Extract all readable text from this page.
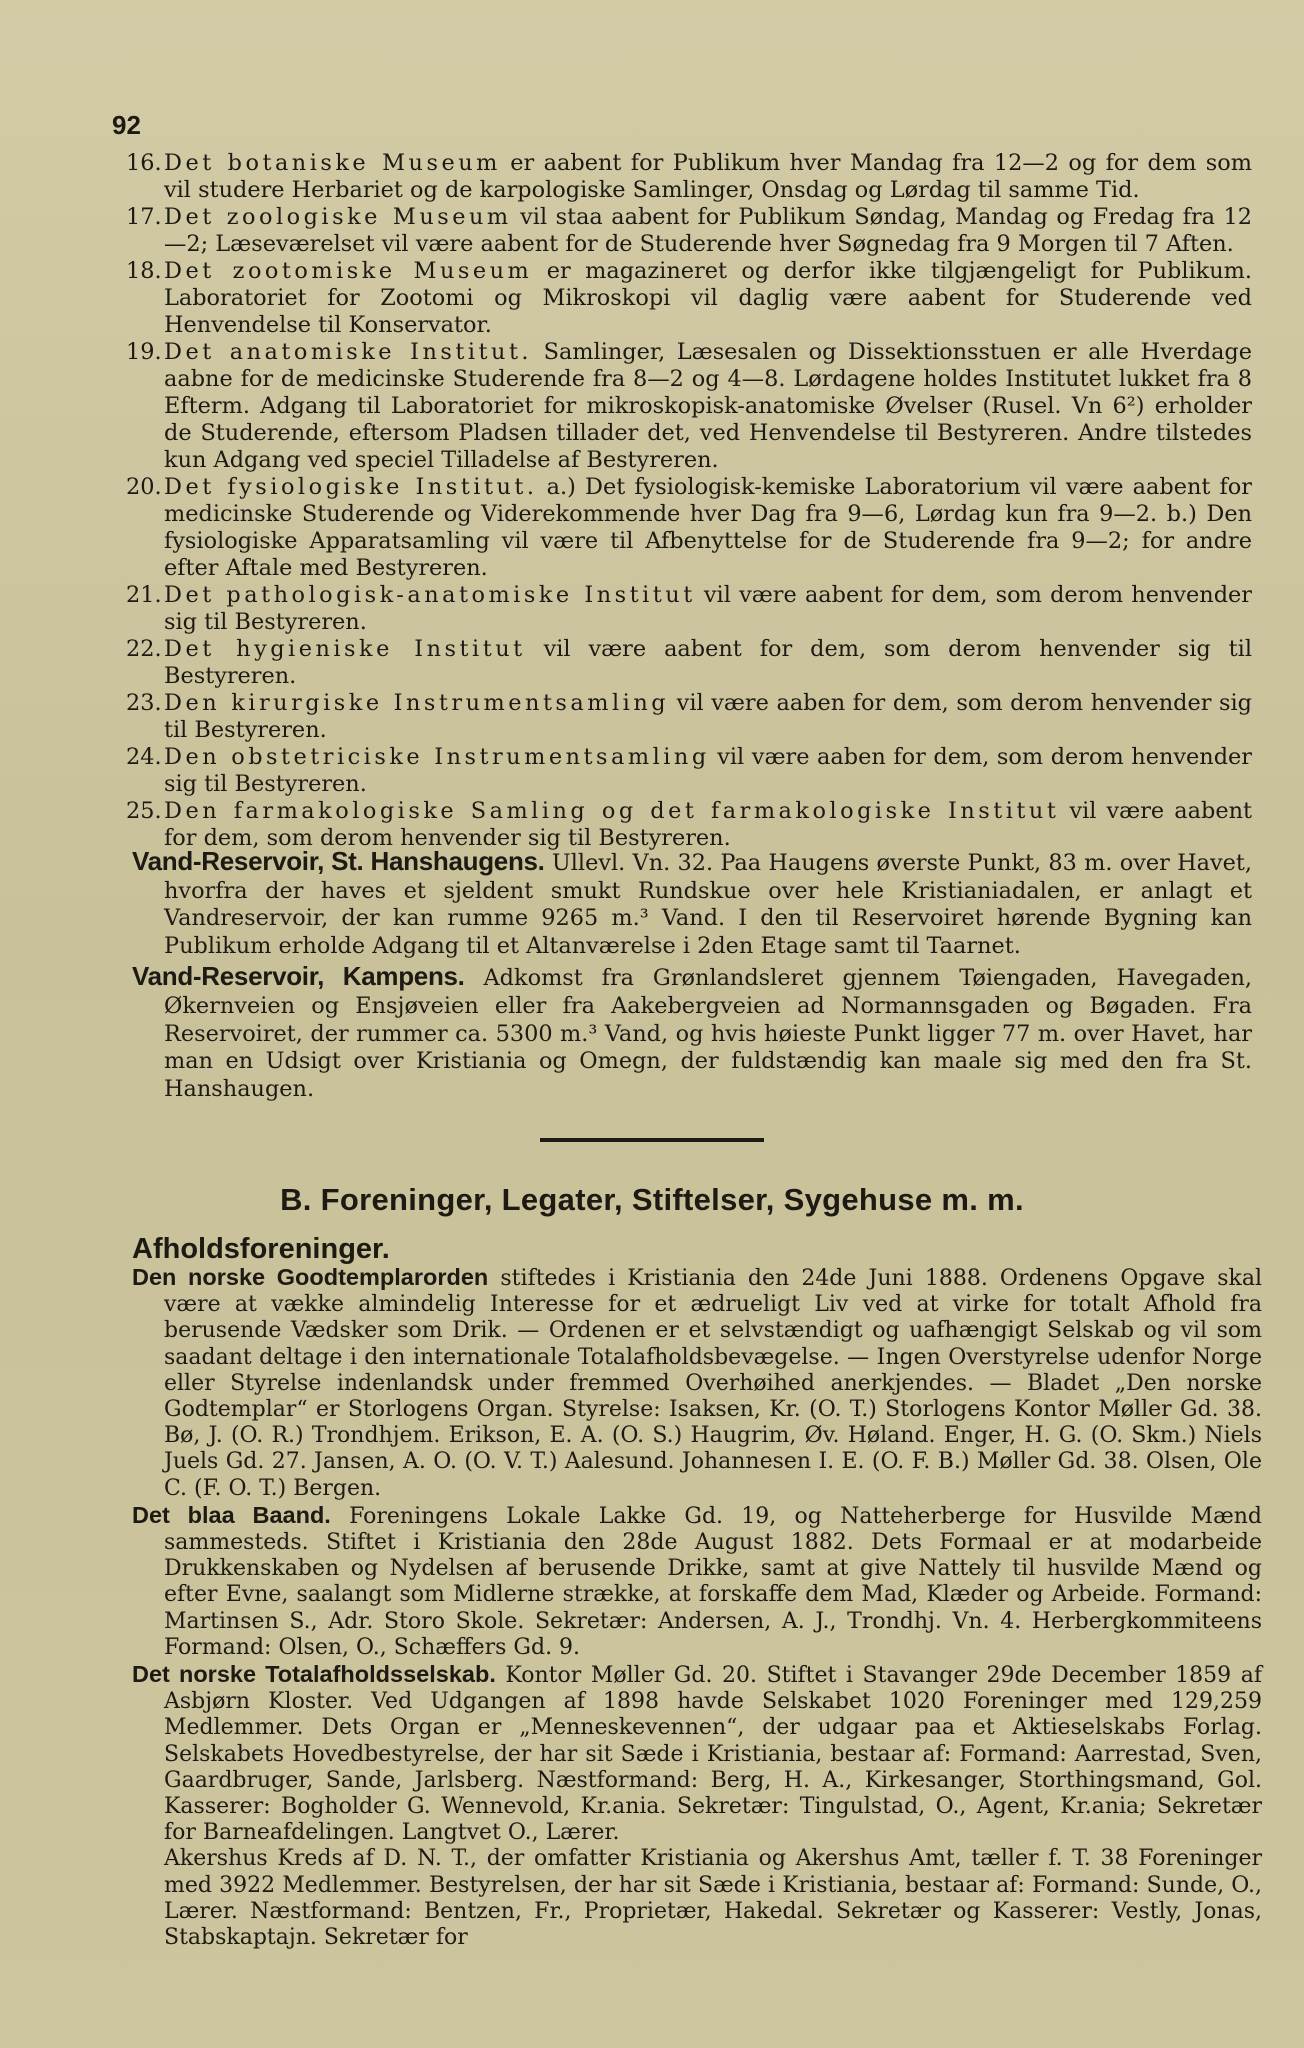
92

16. Det botaniske Museum er aabent for Publikum hver Mandag fra 12—2 og for dem som vil studere Herbariet og de karpologiske Samlinger, Onsdag og Lørdag til samme Tid.

17. Det zoologiske Museum vil staa aabent for Publikum Søndag, Mandag og Fredag fra 12—2; Læseværelset vil være aabent for de Studerende hver Søgnedag fra 9 Morgen til 7 Aften.

18. Det zootomiske Museum er magazineret og derfor ikke tilgjængeligt for Publikum. Laboratoriet for Zootomi og Mikroskopi vil daglig være aabent for Studerende ved Henvendelse til Konservator.

19. Det anatomiske Institut. Samlinger, Læsesalen og Dissektionsstuen er alle Hverdage aabne for de medicinske Studerende fra 8—2 og 4—8. Lørdagene holdes Institutet lukket fra 8 Efterm. Adgang til Laboratoriet for mikroskopisk-anatomiske Øvelser (Rusel. Vn 6²) erholder de Studerende, eftersom Pladsen tillader det, ved Henvendelse til Bestyreren. Andre tilstedes kun Adgang ved speciel Tilladelse af Bestyreren.

20. Det fysiologiske Institut. a.) Det fysiologisk-kemiske Laboratorium vil være aabent for medicinske Studerende og Viderekommende hver Dag fra 9—6, Lørdag kun fra 9—2. b.) Den fysiologiske Apparatsamling vil være til Afbenyttelse for de Studerende fra 9—2; for andre efter Aftale med Bestyreren.

21. Det pathologisk-anatomiske Institut vil være aabent for dem, som derom henvender sig til Bestyreren.

22. Det hygieniske Institut vil være aabent for dem, som derom henvender sig til Bestyreren.

23. Den kirurgiske Instrumentsamling vil være aaben for dem, som derom henvender sig til Bestyreren.

24. Den obstetriciske Instrumentsamling vil være aaben for dem, som derom henvender sig til Bestyreren.

25. Den farmakologiske Samling og det farmakologiske Institut vil være aabent for dem, som derom henvender sig til Bestyreren.

Vand-Reservoir, St. Hanshaugens. Ullevl. Vn. 32. Paa Haugens øverste Punkt, 83 m. over Havet, hvorfra der haves et sjeldent smukt Rundskue over hele Kristianiadalen, er anlagt et Vandreservoir, der kan rumme 9265 m.³ Vand. I den til Reservoiret hørende Bygning kan Publikum erholde Adgang til et Altanværelse i 2den Etage samt til Taarnet.

Vand-Reservoir, Kampens. Adkomst fra Grønlandsleret gjennem Tøiengaden, Havegaden, Økernveien og Ensjøveien eller fra Aakebergveien ad Normannsgaden og Bøgaden. Fra Reservoiret, der rummer ca. 5300 m.³ Vand, og hvis høieste Punkt ligger 77 m. over Havet, har man en Udsigt over Kristiania og Omegn, der fuldstændig kan maale sig med den fra St. Hanshaugen.

B. Foreninger, Legater, Stiftelser, Sygehuse m. m.
Afholdsforeninger.

Den norske Goodtemplarorden stiftedes i Kristiania den 24de Juni 1888. Ordenens Opgave skal være at vække almindelig Interesse for et ædrueligt Liv ved at virke for totalt Afhold fra berusende Vædsker som Drik. — Ordenen er et selvstændigt og uafhængigt Selskab og vil som saadant deltage i den internationale Totalafholdsbevægelse. — Ingen Overstyrelse udenfor Norge eller Styrelse indenlandsk under fremmed Overhøihed anerkjendes. — Bladet „Den norske Godtemplar“ er Storlogens Organ. Styrelse: Isaksen, Kr. (O. T.) Storlogens Kontor Møller Gd. 38. Bø, J. (O. R.) Trondhjem. Erikson, E. A. (O. S.) Haugrim, Øv. Høland. Enger, H. G. (O. Skm.) Niels Juels Gd. 27. Jansen, A. O. (O. V. T.) Aalesund. Johannesen I. E. (O. F. B.) Møller Gd. 38. Olsen, Ole C. (F. O. T.) Bergen.

Det blaa Baand. Foreningens Lokale Lakke Gd. 19, og Natteherberge for Husvilde Mænd sammesteds. Stiftet i Kristiania den 28de August 1882. Dets Formaal er at modarbeide Drukkenskaben og Nydelsen af berusende Drikke, samt at give Nattely til husvilde Mænd og efter Evne, saalangt som Midlerne strække, at forskaffe dem Mad, Klæder og Arbeide. Formand: Martinsen S., Adr. Storo Skole. Sekretær: Andersen, A. J., Trondhj. Vn. 4. Herbergkommiteens Formand: Olsen, O., Schæffers Gd. 9.

Det norske Totalafholdsselskab. Kontor Møller Gd. 20. Stiftet i Stavanger 29de December 1859 af Asbjørn Kloster. Ved Udgangen af 1898 havde Selskabet 1020 Foreninger med 129,259 Medlemmer. Dets Organ er „Menneskevennen“, der udgaar paa et Aktieselskabs Forlag. Selskabets Hovedbestyrelse, der har sit Sæde i Kristiania, bestaar af: Formand: Aarrestad, Sven, Gaardbruger, Sande, Jarlsberg. Næstformand: Berg, H. A., Kirkesanger, Storthingsmand, Gol. Kasserer: Bogholder G. Wennevold, Kr.ania. Sekretær: Tingulstad, O., Agent, Kr.ania; Sekretær for Barneafdelingen. Langtvet O., Lærer.

Akershus Kreds af D. N. T., der omfatter Kristiania og Akershus Amt, tæller f. T. 38 Foreninger med 3922 Medlemmer. Bestyrelsen, der har sit Sæde i Kristiania, bestaar af: Formand: Sunde, O., Lærer. Næstformand: Bentzen, Fr., Proprietær, Hakedal. Sekretær og Kasserer: Vestly, Jonas, Stabskaptajn. Sekretær for
